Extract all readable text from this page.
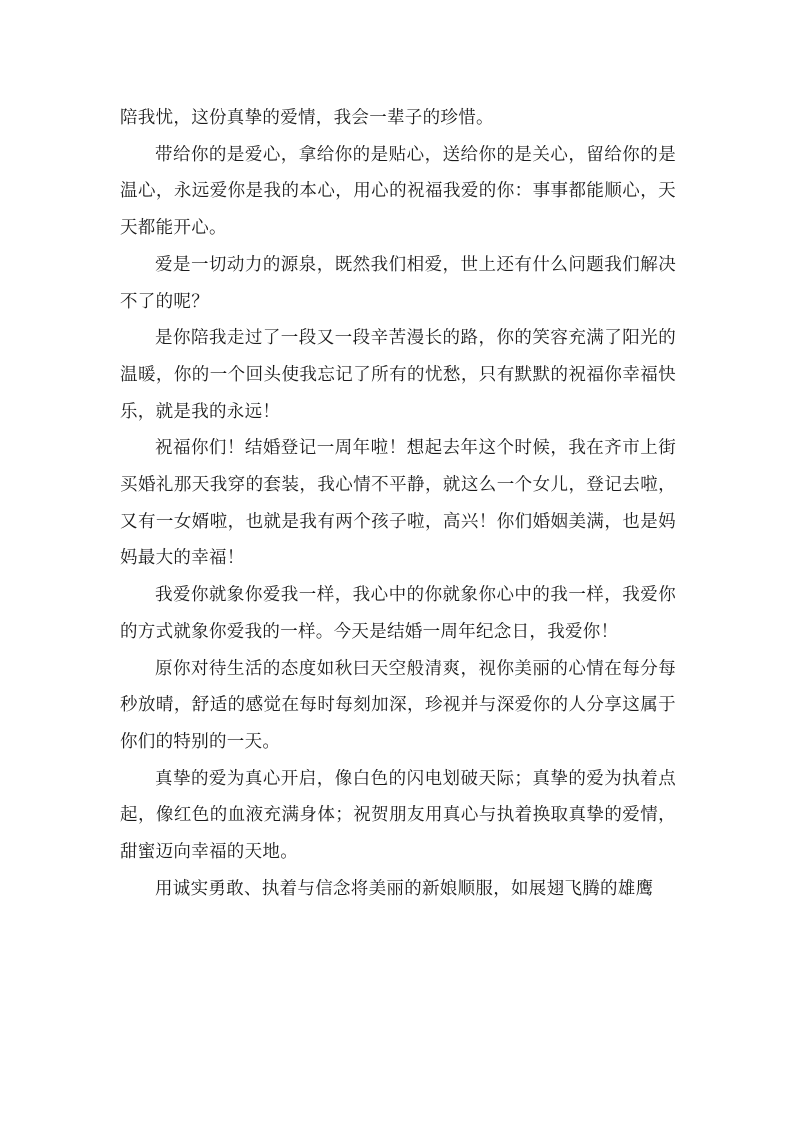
陪我忧，这份真挚的爱情，我会一辈子的珍惜。

带给你的是爱心，拿给你的是贴心，送给你的是关心，留给你的是温心，永远爱你是我的本心，用心的祝福我爱的你：事事都能顺心，天天都能开心。

爱是一切动力的源泉，既然我们相爱，世上还有什么问题我们解决不了的呢？

是你陪我走过了一段又一段辛苦漫长的路，你的笑容充满了阳光的温暖，你的一个回头使我忘记了所有的忧愁，只有默默的祝福你幸福快乐，就是我的永远！

祝福你们！结婚登记一周年啦！想起去年这个时候，我在齐市上街买婚礼那天我穿的套装，我心情不平静，就这么一个女儿，登记去啦，又有一女婿啦，也就是我有两个孩子啦，高兴！你们婚姻美满，也是妈妈最大的幸福！

我爱你就象你爱我一样，我心中的你就象你心中的我一样，我爱你的方式就象你爱我的一样。今天是结婚一周年纪念日，我爱你！

原你对待生活的态度如秋曰天空般清爽，视你美丽的心情在每分每秒放晴，舒适的感觉在每时每刻加深，珍视并与深爱你的人分享这属于你们的特别的一天。

真挚的爱为真心开启，像白色的闪电划破天际；真挚的爱为执着点起，像红色的血液充满身体；祝贺朋友用真心与执着换取真挚的爱情，甜蜜迈向幸福的天地。

用诚实勇敢、执着与信念将美丽的新娘顺服，如展翅飞腾的雄鹰
